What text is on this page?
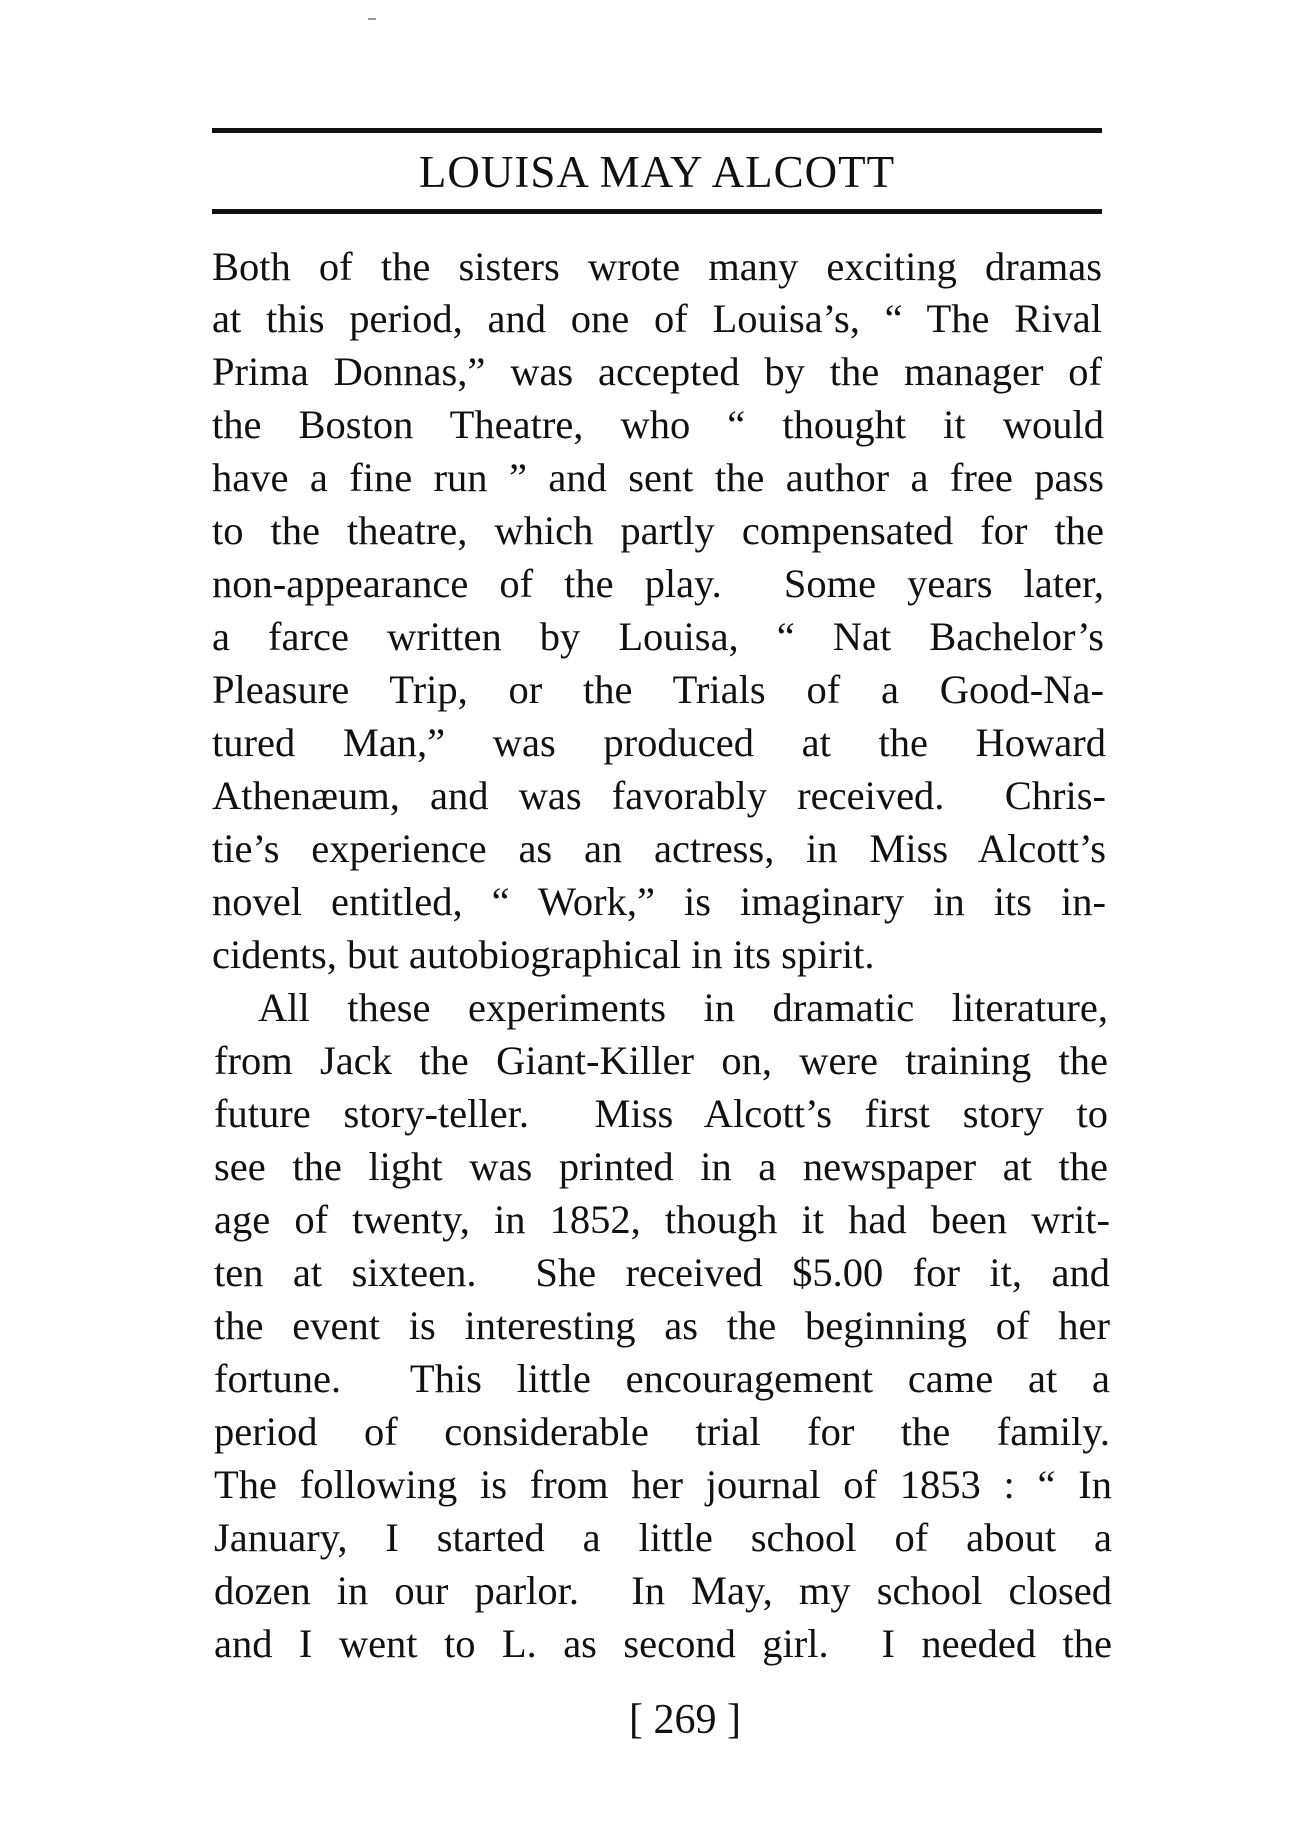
LOUISA MAY ALCOTT
Both of the sisters wrote many exciting dramas
at this period, and one of Louisa’s, “ The Rival
Prima Donnas,” was accepted by the manager of
the Boston Theatre, who “ thought it would
have a fine run ” and sent the author a free pass
to the theatre, which partly compensated for the
non-appearance of the play.  Some years later,
a farce written by Louisa, “ Nat Bachelor’s
Pleasure Trip, or the Trials of a Good-Na-
tured Man,” was produced at the Howard
Athenæum, and was favorably received.  Chris-
tie’s experience as an actress, in Miss Alcott’s
novel entitled, “ Work,” is imaginary in its in-
cidents, but autobiographical in its spirit.
All these experiments in dramatic literature,
from Jack the Giant-Killer on, were training the
future story-teller.  Miss Alcott’s first story to
see the light was printed in a newspaper at the
age of twenty, in 1852, though it had been writ-
ten at sixteen.  She received $5.00 for it, and
the event is interesting as the beginning of her
fortune.  This little encouragement came at a
period of considerable trial for the family.
The following is from her journal of 1853 : “ In
January, I started a little school of about a
dozen in our parlor.  In May, my school closed
and I went to L. as second girl.  I needed the
[ 269 ]
